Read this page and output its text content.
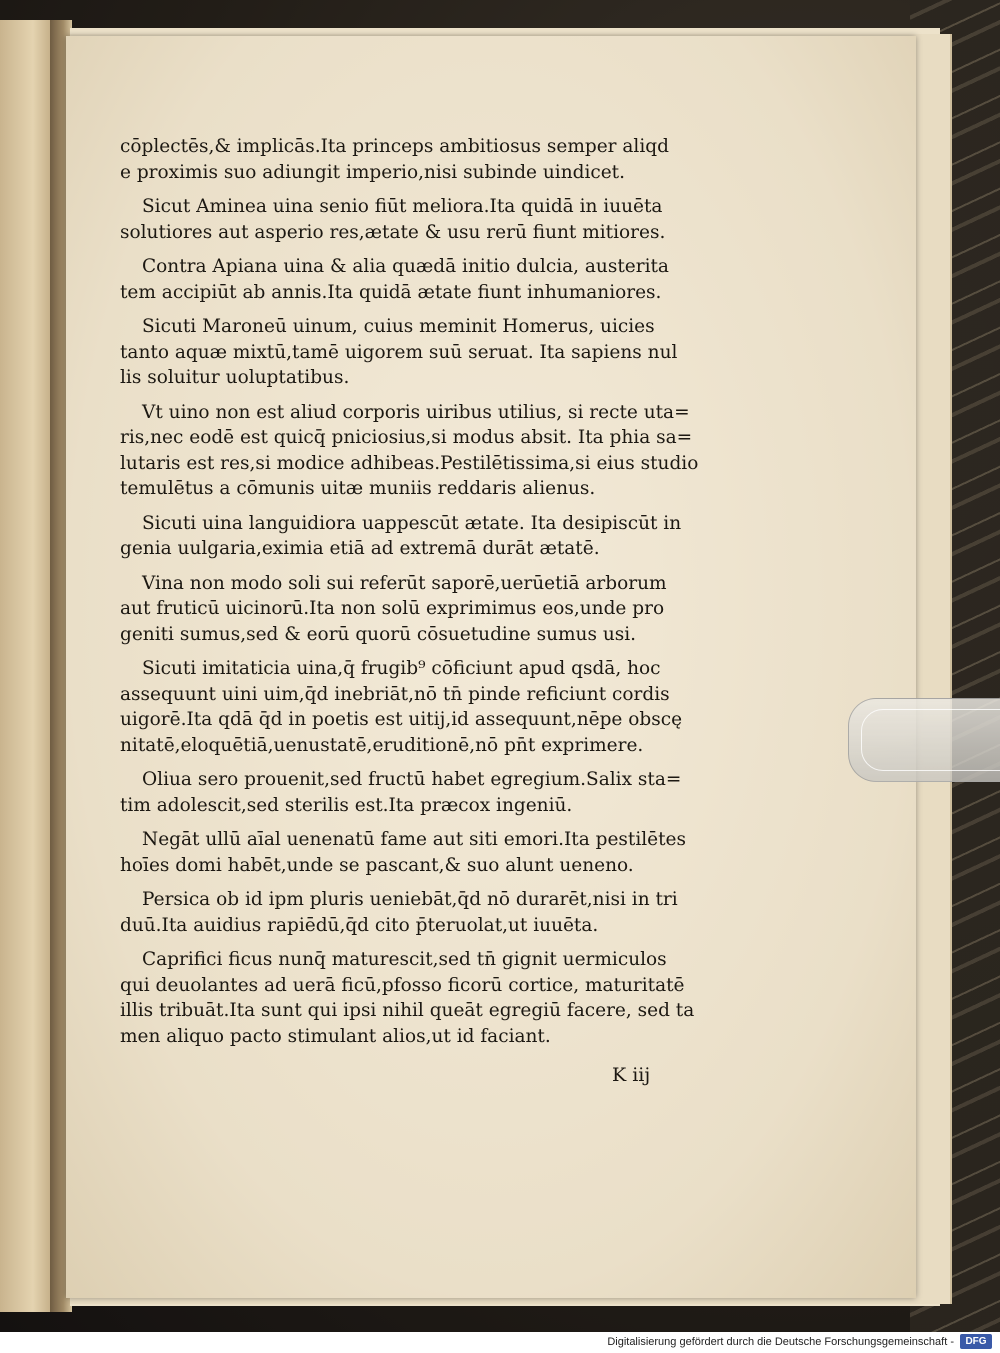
cōplectēs,& implicās.Ita princeps ambitiosus semper aliqd
e proximis suo adiungit imperio,nisi subinde uindicet.
Sicut Aminea uina senio fiūt meliora.Ita quidā in iuuēta
solutiores aut asperio res,ætate & usu rerū fiunt mitiores.
Contra Apiana uina & alia quædā initio dulcia, austerita
tem accipiūt ab annis.Ita quidā ætate fiunt inhumaniores.
Sicuti Maroneū uinum, cuius meminit Homerus, uicies
tanto aquæ mixtū,tamē uigorem suū seruat. Ita sapiens nul
lis soluitur uoluptatibus.
Vt uino non est aliud corporis uiribus utilius, si recte uta=
ris,nec eodē est quicq̄ pniciosius,si modus absit. Ita phia sa=
lutaris est res,si modice adhibeas.Pestilētissima,si eius studio
temulētus a cōmunis uitæ muniis reddaris alienus.
Sicuti uina languidiora uappescūt ætate. Ita desipiscūt in
genia uulgaria,eximia etiā ad extremā durāt ætatē.
Vina non modo soli sui referūt saporē,uerūetiā arborum
aut fruticū uicinorū.Ita non solū exprimimus eos,unde pro
geniti sumus,sed & eorū quorū cōsuetudine sumus usi.
Sicuti imitaticia uina,q̄ frugib⁹ cōficiunt apud qsdā, hoc
assequunt uini uim,q̄d inebriāt,nō tn̄ pinde reficiunt cordis
uigorē.Ita qdā q̄d in poetis est uitij,id assequunt,nēpe obscę
nitatē,eloquētiā,uenustatē,eruditionē,nō pn̄t exprimere.
Oliua sero prouenit,sed fructū habet egregium.Salix sta=
tim adolescit,sed sterilis est.Ita præcox ingeniū.
Negāt ullū aīal uenenatū fame aut siti emori.Ita pestilētes
hoīes domi habēt,unde se pascant,& suo alunt ueneno.
Persica ob id ipm pluris ueniebāt,q̄d nō durarēt,nisi in tri
duū.Ita auidius rapiēdū,q̄d cito p̄teruolat,ut iuuēta.
Caprifici ficus nunq̄ maturescit,sed tn̄ gignit uermiculos
qui deuolantes ad uerā ficū,pfosso ficorū cortice, maturitatē
illis tribuāt.Ita sunt qui ipsi nihil queāt egregiū facere, sed ta
men aliquo pacto stimulant alios,ut id faciant.
K iij
Digitalisierung gefördert durch die Deutsche Forschungsgemeinschaft -	DFG
